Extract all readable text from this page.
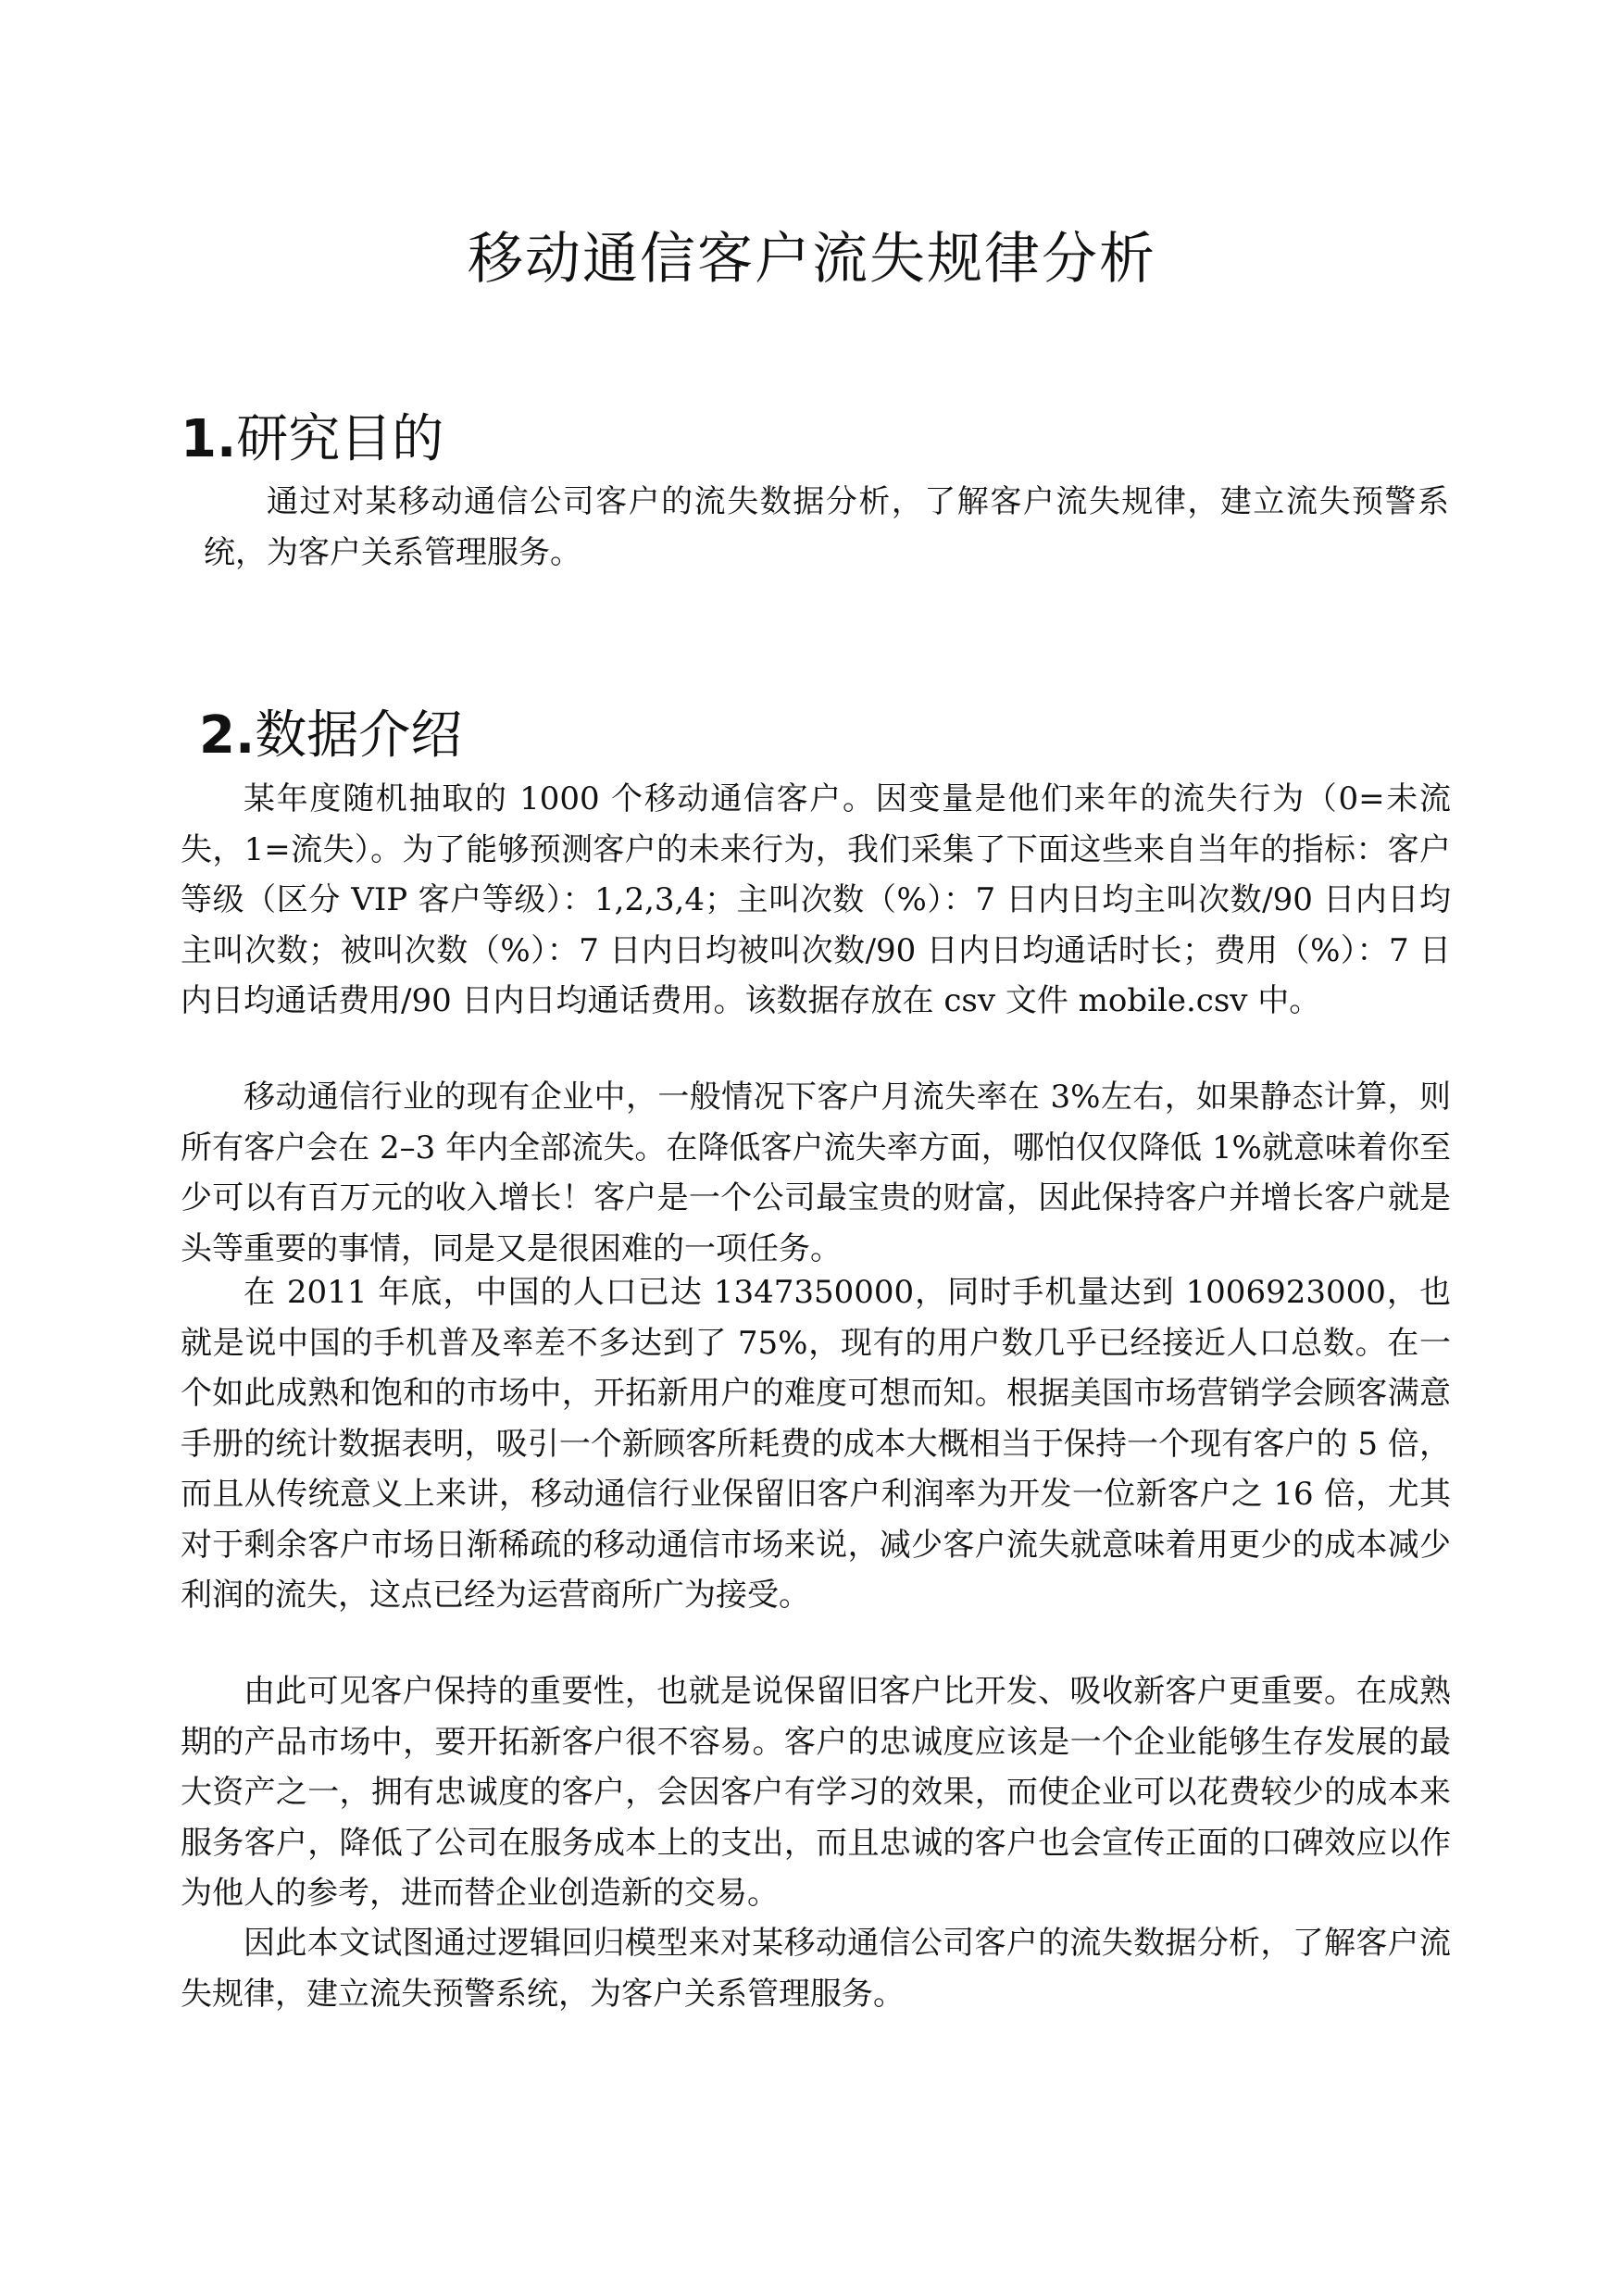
移动通信客户流失规律分析
1.研究目的

通过对某移动通信公司客户的流失数据分析，了解客户流失规律，建立流失预警系统，为客户关系管理服务。

2.数据介绍

某年度随机抽取的 1000 个移动通信客户。因变量是他们来年的流失行为（0=未流失，1=流失）。为了能够预测客户的未来行为，我们采集了下面这些来自当年的指标：客户等级（区分 VIP 客户等级）：1,2,3,4；主叫次数（%）：7 日内日均主叫次数/90 日内日均主叫次数；被叫次数（%）：7 日内日均被叫次数/90 日内日均通话时长；费用（%）：7 日内日均通话费用/90 日内日均通话费用。该数据存放在 csv 文件 mobile.csv 中。

移动通信行业的现有企业中，一般情况下客户月流失率在 3%左右，如果静态计算，则所有客户会在 2–3 年内全部流失。在降低客户流失率方面，哪怕仅仅降低 1%就意味着你至少可以有百万元的收入增长！客户是一个公司最宝贵的财富，因此保持客户并增长客户就是头等重要的事情，同是又是很困难的一项任务。

在 2011 年底，中国的人口已达 1347350000，同时手机量达到 1006923000，也就是说中国的手机普及率差不多达到了 75%，现有的用户数几乎已经接近人口总数。在一个如此成熟和饱和的市场中，开拓新用户的难度可想而知。根据美国市场营销学会顾客满意手册的统计数据表明，吸引一个新顾客所耗费的成本大概相当于保持一个现有客户的 5 倍，而且从传统意义上来讲，移动通信行业保留旧客户利润率为开发一位新客户之 16 倍，尤其对于剩余客户市场日渐稀疏的移动通信市场来说，减少客户流失就意味着用更少的成本减少利润的流失，这点已经为运营商所广为接受。

由此可见客户保持的重要性，也就是说保留旧客户比开发、吸收新客户更重要。在成熟期的产品市场中，要开拓新客户很不容易。客户的忠诚度应该是一个企业能够生存发展的最大资产之一，拥有忠诚度的客户，会因客户有学习的效果，而使企业可以花费较少的成本来服务客户，降低了公司在服务成本上的支出，而且忠诚的客户也会宣传正面的口碑效应以作为他人的参考，进而替企业创造新的交易。

因此本文试图通过逻辑回归模型来对某移动通信公司客户的流失数据分析，了解客户流失规律，建立流失预警系统，为客户关系管理服务。
